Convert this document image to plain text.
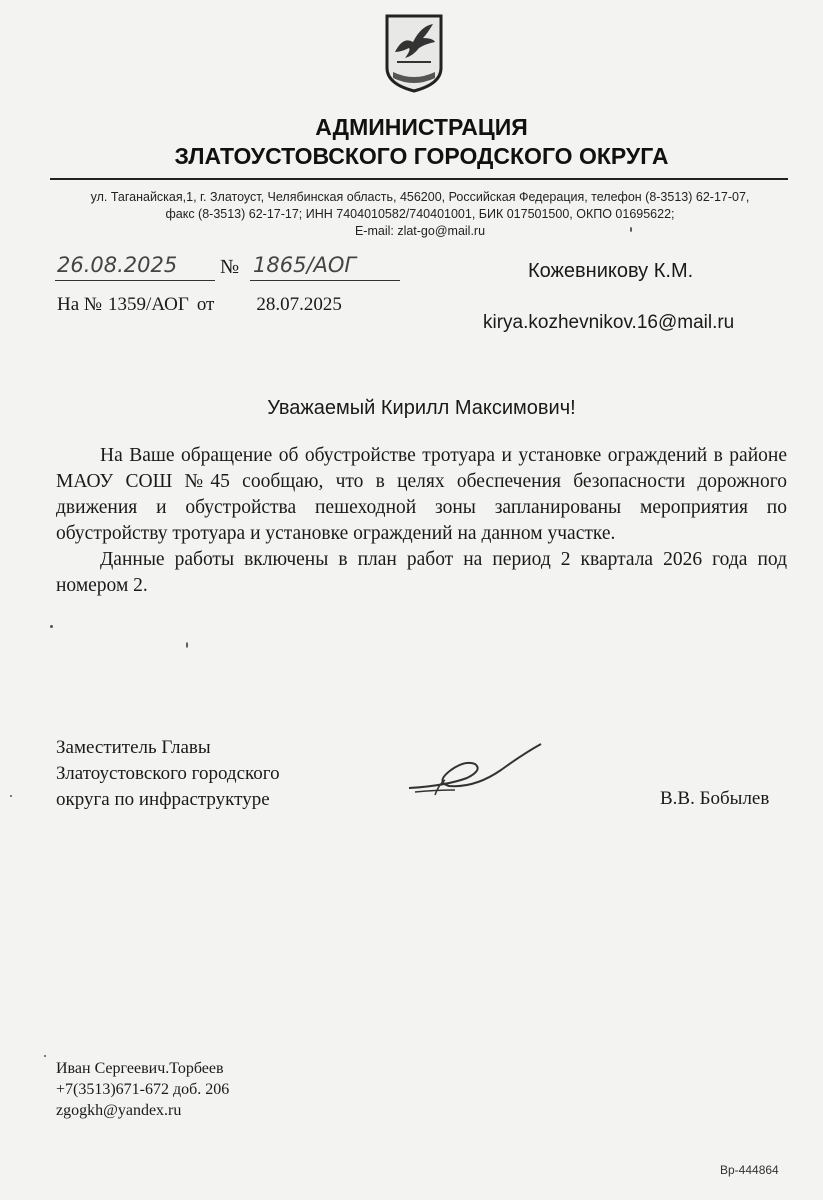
АДМИНИСТРАЦИЯ
ЗЛАТОУСТОВСКОГО ГОРОДСКОГО ОКРУГА
ул. Таганайская,1, г. Златоуст, Челябинская область, 456200, Российская Федерация, телефон (8-3513) 62-17-07,
факс (8-3513) 62-17-17; ИНН 7404010582/740401001, БИК 017501500, ОКПО 01695622;
E-mail: zlat-go@mail.ru
26.08.2025 № 1865/АОГ
На № 1359/АОГ от 28.07.2025
Кожевникову К.М.
kirya.kozhevnikov.16@mail.ru
Уважаемый Кирилл Максимович!

На Ваше обращение об обустройстве тротуара и установке ограждений в районе МАОУ СОШ №45 сообщаю, что в целях обеспечения безопасности дорожного движения и обустройства пешеходной зоны запланированы мероприятия по обустройству тротуара и установке ограждений на данном участке.

Данные работы включены в план работ на период 2 квартала 2026 года под номером 2.

Заместитель Главы
Златоустовского городского
округа по инфраструктуре	В.В. Бобылев
Иван Сергеевич.Торбеев
+7(3513)671-672 доб. 206
zgogkh@yandex.ru
Вр-444864
